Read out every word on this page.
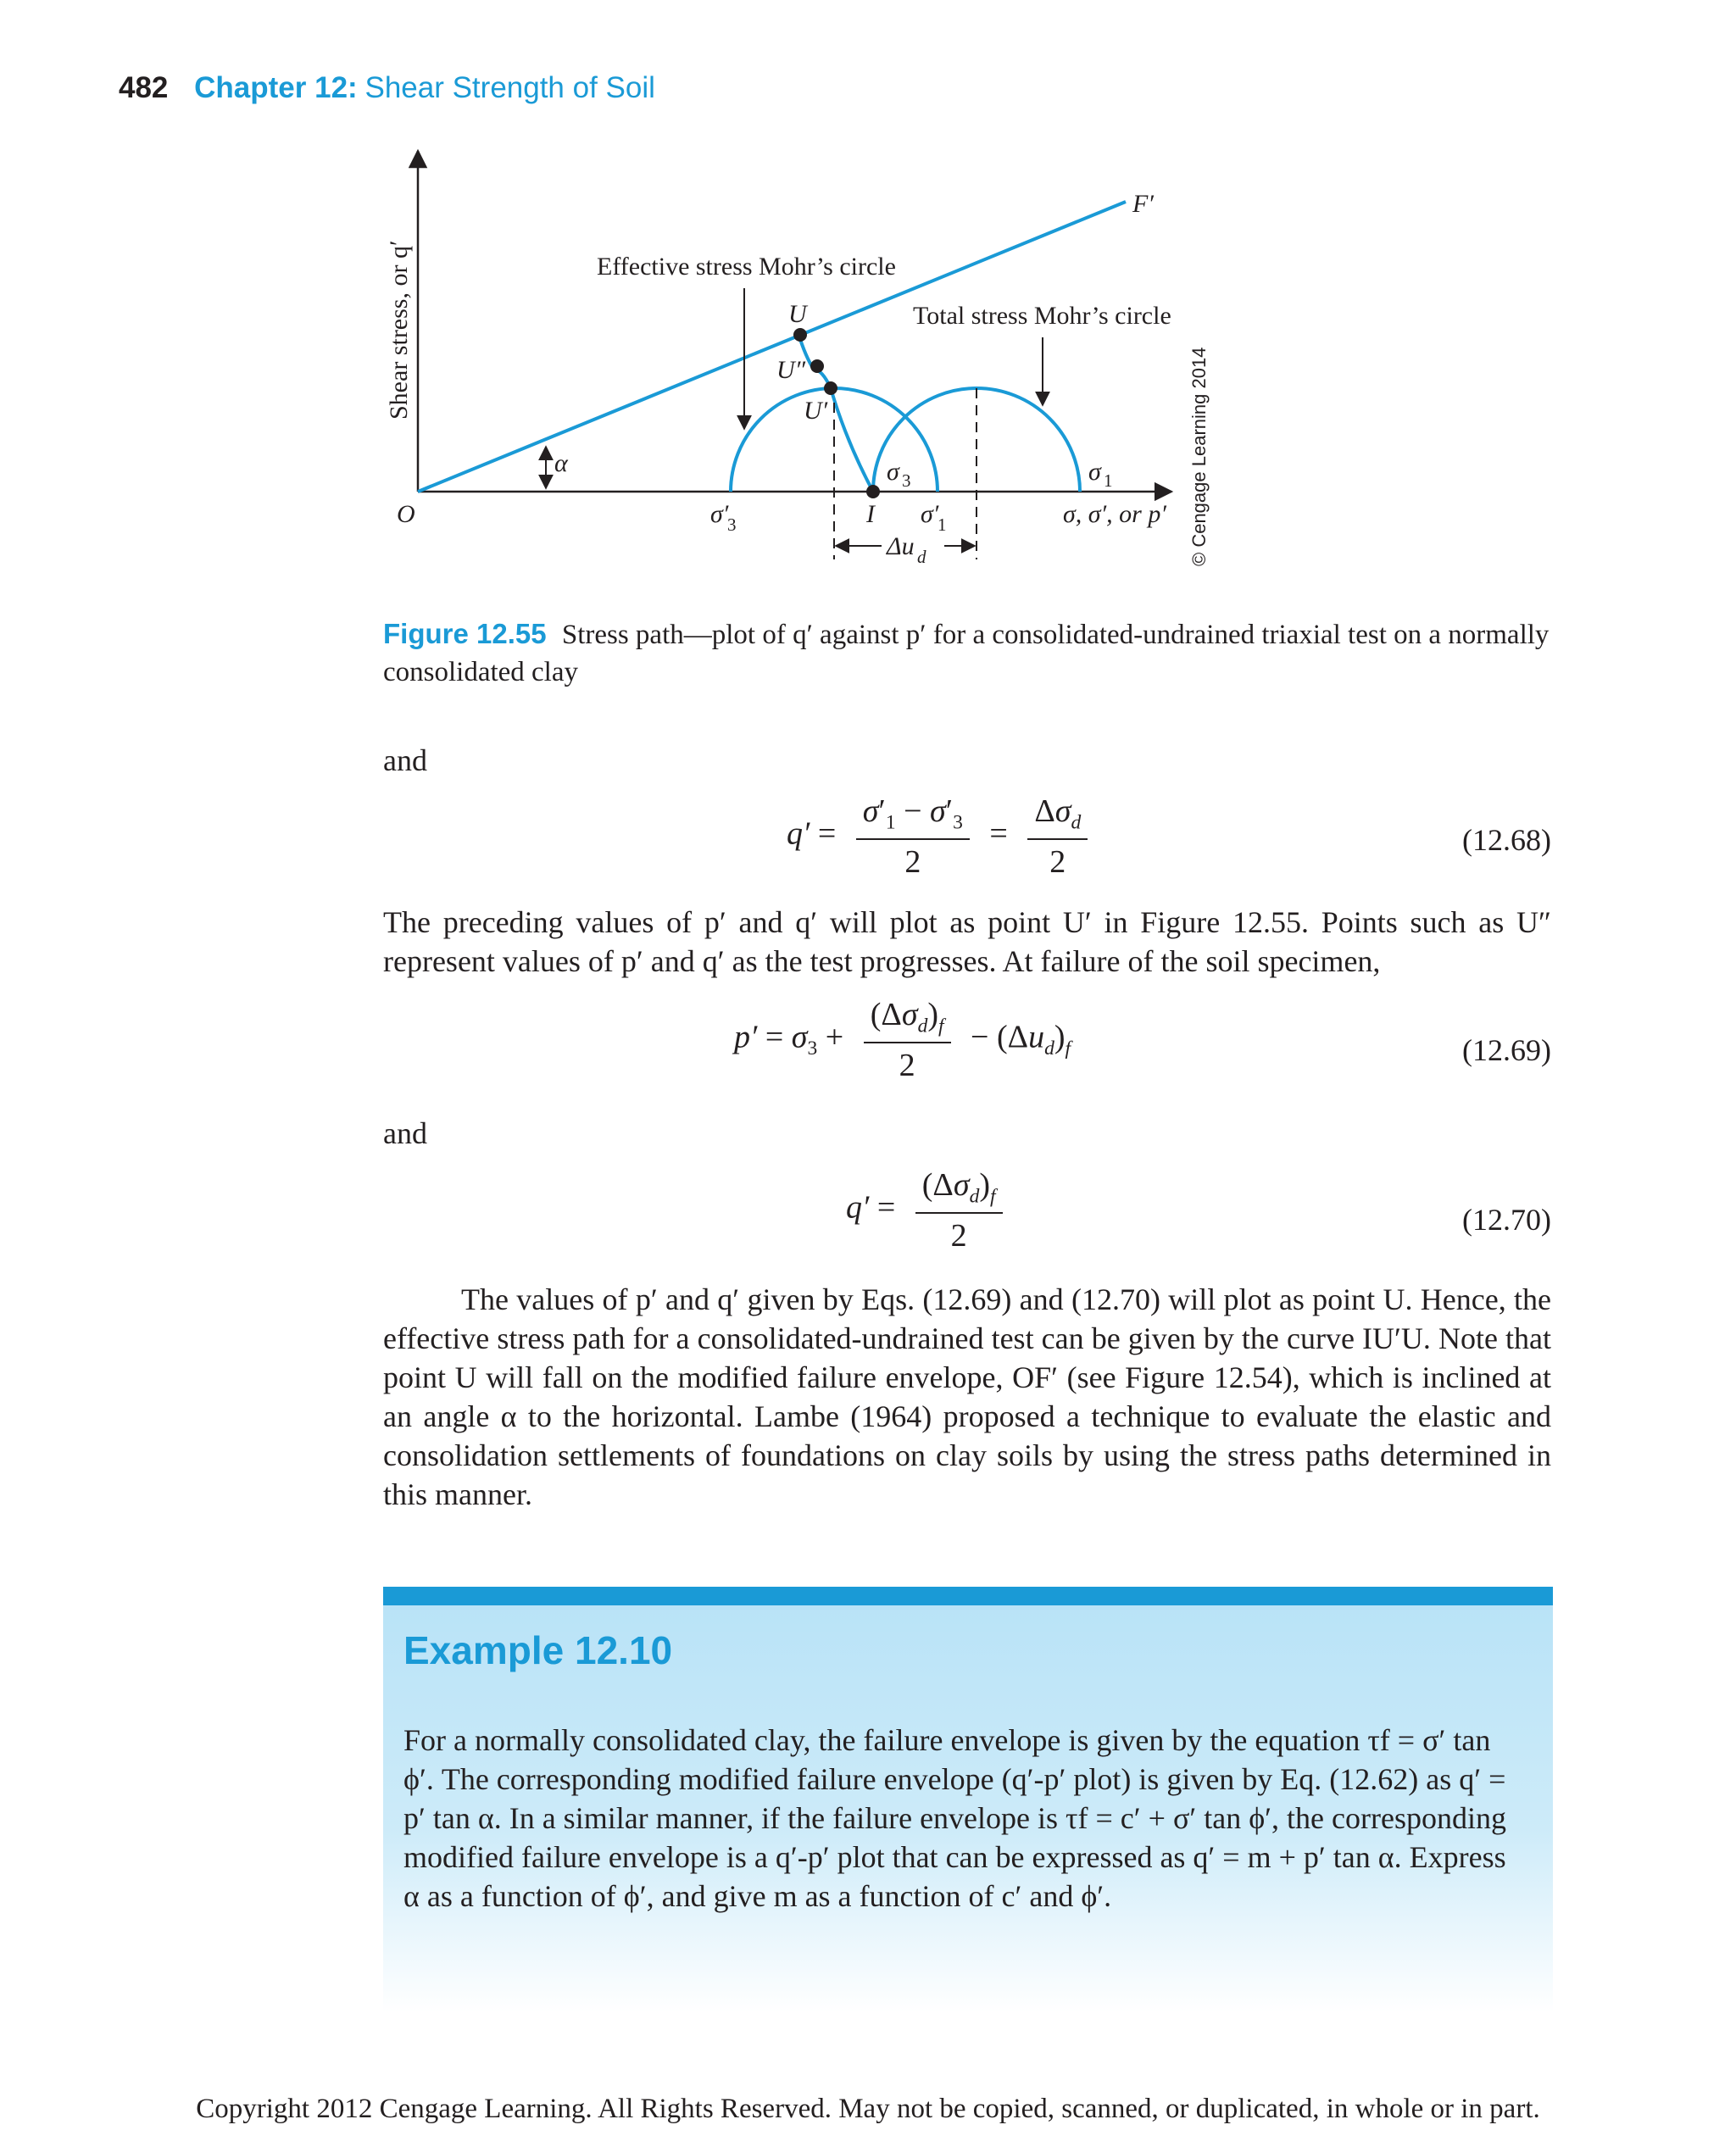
482 Chapter 12: Shear Strength of Soil
Shear stress, or q′
O
F′
Effective stress Mohr’s circle
Total stress Mohr’s circle
α
U
U″
U′
I
σ′
3	σ′
1
σ 3	σ 1
σ, σ′, or p′
Δu d	© Cengage Learning 2014
Figure 12.55 Stress path—plot of q′ against p′ for a consolidated-undrained triaxial test on a normally consolidated clay
and
$q' = \frac{\sigma'_1 - \sigma'_3}{2} = \frac{\Delta\sigma_d}{2}$	(12.68)
The preceding values of p′ and q′ will plot as point U′ in Figure 12.55. Points such as U″ represent values of p′ and q′ as the test progresses. At failure of the soil specimen,
$p' = \sigma_3 + \frac{(\Delta\sigma_d)_f}{2} - (\Delta u_d)_f$	(12.69)
and
$q' = \frac{(\Delta\sigma_d)_f}{2}$	(12.70)
The values of p′ and q′ given by Eqs. (12.69) and (12.70) will plot as point U. Hence, the effective stress path for a consolidated-undrained test can be given by the curve IU′U. Note that point U will fall on the modified failure envelope, OF′ (see Figure 12.54), which is inclined at an angle α to the horizontal. Lambe (1964) proposed a technique to evaluate the elastic and consolidation settlements of foundations on clay soils by using the stress paths determined in this manner.
Example 12.10
For a normally consolidated clay, the failure envelope is given by the equation τf = σ′ tan ϕ′. The corresponding modified failure envelope (q′-p′ plot) is given by Eq. (12.62) as q′ = p′ tan α. In a similar manner, if the failure envelope is τf = c′ + σ′ tan ϕ′, the corresponding modified failure envelope is a q′-p′ plot that can be expressed as q′ = m + p′ tan α. Express α as a function of ϕ′, and give m as a function of c′ and ϕ′.
Copyright 2012 Cengage Learning. All Rights Reserved. May not be copied, scanned, or duplicated, in whole or in part.
